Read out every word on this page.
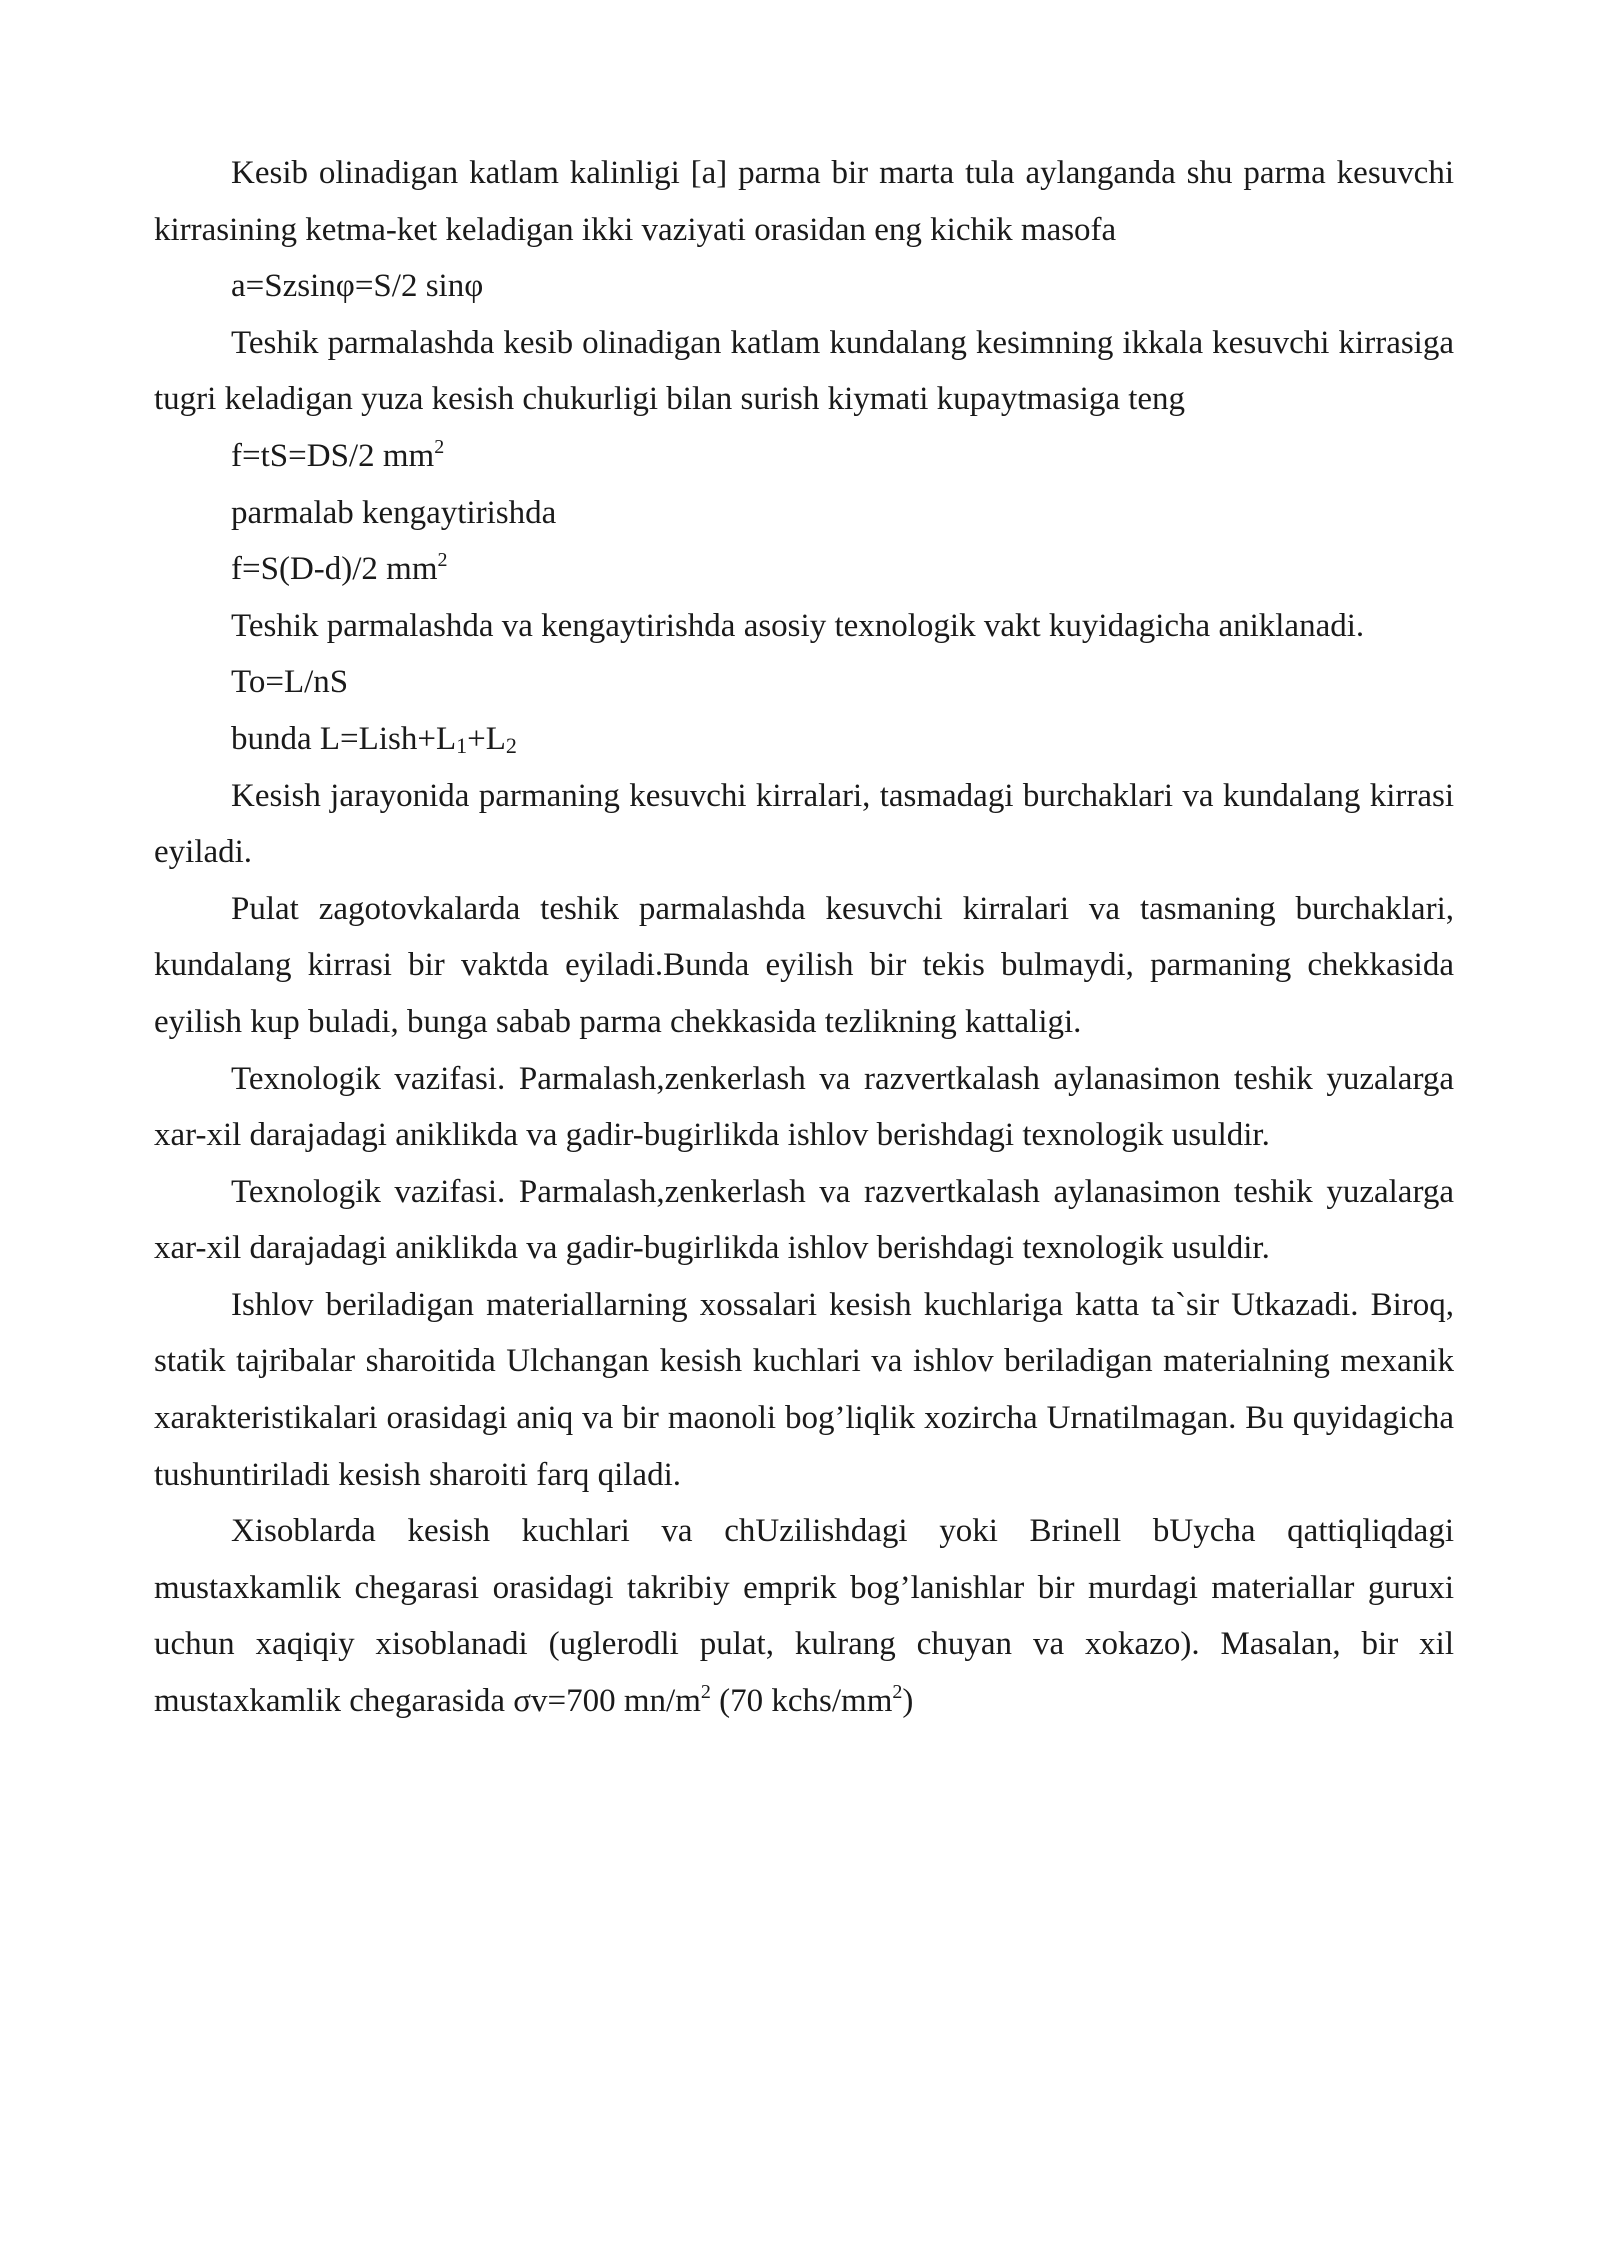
Kesib olinadigan katlam kalinligi [a] parma bir marta tula aylanganda shu parma kesuvchi kirrasining ketma-ket keladigan ikki vaziyati orasidan eng kichik masofa

a=Szsinφ=S/2 sinφ

Teshik parmalashda kesib olinadigan katlam kundalang kesimning ikkala kesuvchi kirrasiga tugri keladigan yuza kesish chukurligi bilan surish kiymati kupaytmasiga teng

f=tS=DS/2 $mm^2$

parmalab kengaytirishda

f=S(D-d)/2 $mm^2$

Teshik parmalashda va kengaytirishda asosiy texnologik vakt kuyidagicha aniklanadi.

To=L/nS

bunda $L=Lish+L_1+L_2$

Kesish jarayonida parmaning kesuvchi kirralari, tasmadagi burchaklari va kundalang kirrasi eyiladi.

Pulat zagotovkalarda teshik parmalashda kesuvchi kirralari va tasmaning burchaklari, kundalang kirrasi bir vaktda eyiladi.Bunda eyilish bir tekis bulmaydi, parmaning chekkasida eyilish kup buladi, bunga sabab parma chekkasida tezlikning kattaligi.

Texnologik vazifasi. Parmalash,zenkerlash va razvertkalash aylanasimon teshik yuzalarga xar-xil darajadagi aniklikda va gadir-bugirlikda ishlov berishdagi texnologik usuldir.

Texnologik vazifasi. Parmalash,zenkerlash va razvertkalash aylanasimon teshik yuzalarga xar-xil darajadagi aniklikda va gadir-bugirlikda ishlov berishdagi texnologik usuldir.

Ishlov beriladigan materiallarning xossalari kesish kuchlariga katta ta`sir Utkazadi. Biroq, statik tajribalar sharoitida Ulchangan kesish kuchlari va ishlov beriladigan materialning mexanik xarakteristikalari orasidagi aniq va bir maonoli bog’liqlik xozircha Urnatilmagan. Bu quyidagicha tushuntiriladi kesish sharoiti farq qiladi.

Xisoblarda kesish kuchlari va chUzilishdagi yoki Brinell bUycha qattiqliqdagi mustaxkamlik chegarasi orasidagi takribiy emprik bog’lanishlar bir murdagi materiallar guruxi uchun xaqiqiy xisoblanadi (uglerodli pulat, kulrang chuyan va xokazo). Masalan, bir xil mustaxkamlik chegarasida σv=700 $mn/m^2$ (70 kchs/$mm^2$)
